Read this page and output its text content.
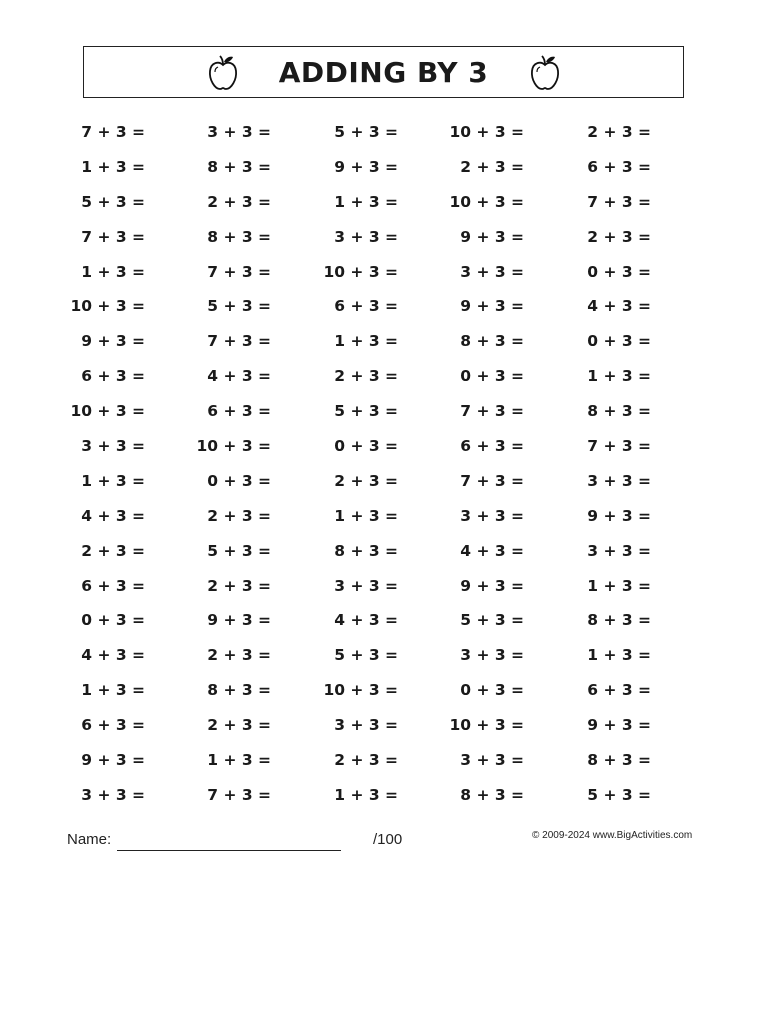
ADDING BY 3
7 + 3 =	3 + 3 =	5 + 3 =	10 + 3 =	2 + 3 =
1 + 3 =	8 + 3 =	9 + 3 =	2 + 3 =	6 + 3 =
5 + 3 =	2 + 3 =	1 + 3 =	10 + 3 =	7 + 3 =
7 + 3 =	8 + 3 =	3 + 3 =	9 + 3 =	2 + 3 =
1 + 3 =	7 + 3 =	10 + 3 =	3 + 3 =	0 + 3 =
10 + 3 =	5 + 3 =	6 + 3 =	9 + 3 =	4 + 3 =
9 + 3 =	7 + 3 =	1 + 3 =	8 + 3 =	0 + 3 =
6 + 3 =	4 + 3 =	2 + 3 =	0 + 3 =	1 + 3 =
10 + 3 =	6 + 3 =	5 + 3 =	7 + 3 =	8 + 3 =
3 + 3 =	10 + 3 =	0 + 3 =	6 + 3 =	7 + 3 =
1 + 3 =	0 + 3 =	2 + 3 =	7 + 3 =	3 + 3 =
4 + 3 =	2 + 3 =	1 + 3 =	3 + 3 =	9 + 3 =
2 + 3 =	5 + 3 =	8 + 3 =	4 + 3 =	3 + 3 =
6 + 3 =	2 + 3 =	3 + 3 =	9 + 3 =	1 + 3 =
0 + 3 =	9 + 3 =	4 + 3 =	5 + 3 =	8 + 3 =
4 + 3 =	2 + 3 =	5 + 3 =	3 + 3 =	1 + 3 =
1 + 3 =	8 + 3 =	10 + 3 =	0 + 3 =	6 + 3 =
6 + 3 =	2 + 3 =	3 + 3 =	10 + 3 =	9 + 3 =
9 + 3 =	1 + 3 =	2 + 3 =	3 + 3 =	8 + 3 =
3 + 3 =	7 + 3 =	1 + 3 =	8 + 3 =	5 + 3 =
Name:	/100	© 2009-2024 www.BigActivities.com
